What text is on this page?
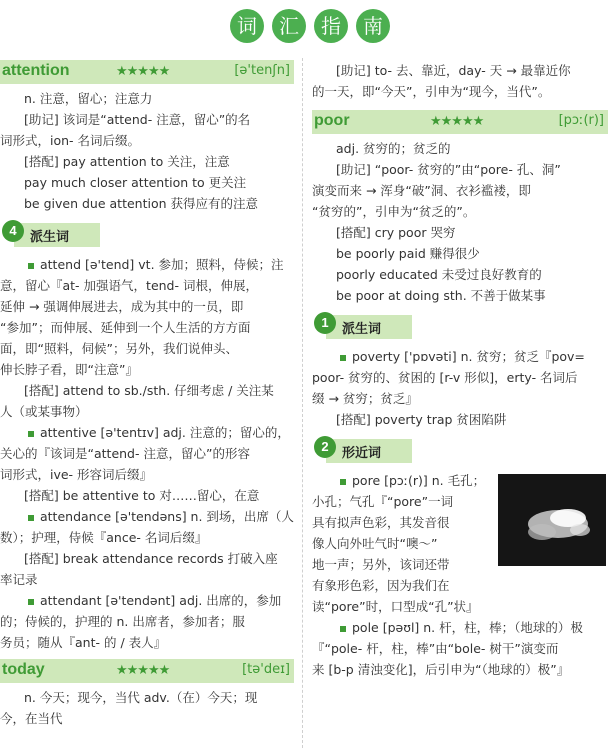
词	汇	指	南
attention	★★★★★	[ə'tenʃn]

n. 注意，留心；注意力

[助记] 该词是“attend- 注意，留心”的名

词形式，ion- 名词后缀。

[搭配] pay attention to 关注，注意

pay much closer attention to 更关注

be given due attention 获得应有的注意

4	派生词

attend [ə'tend] vt. 参加；照料，侍候；注

意，留心『at- 加强语气，tend- 词根，伸展，

延伸 → 强调伸展进去，成为其中的一员，即

“参加”；而伸展、延伸到一个人生活的方方面

面，即“照料，伺候”；另外，我们说伸头、

伸长脖子看，即“注意”』

[搭配] attend to sb./sth. 仔细考虑 / 关注某

人（或某事物）

attentive [ə'tentɪv] adj. 注意的；留心的，

关心的『该词是“attend- 注意，留心”的形容

词形式，ive- 形容词后缀』

[搭配] be attentive to 对……留心，在意

attendance [ə'tendəns] n. 到场，出席（人

数）；护理，侍候『ance- 名词后缀』

[搭配] break attendance records 打破入座

率记录

attendant [ə'tendənt] adj. 出席的，参加

的；侍候的，护理的 n. 出席者，参加者；服

务员；随从『ant- 的 / 表人』

today	★★★★★	[tə'deɪ]

n. 今天；现今，当代 adv.（在）今天；现

今，在当代

[助记] to- 去、靠近，day- 天 → 最靠近你

的一天，即“今天”，引申为“现今，当代”。

poor	★★★★★	[pɔː(r)]

adj. 贫穷的；贫乏的

[助记] “poor- 贫穷的”由“pore- 孔、洞”

演变而来 → 浑身“破”洞、衣衫褴褛，即

“贫穷的”，引申为“贫乏的”。

[搭配] cry poor 哭穷

be poorly paid 赚得很少

poorly educated 未受过良好教育的

be poor at doing sth. 不善于做某事

1	派生词

poverty ['pɒvəti] n. 贫穷；贫乏『pov=

poor- 贫穷的、贫困的 [r-v 形似]，erty- 名词后

缀 → 贫穷；贫乏』

[搭配] poverty trap 贫困陷阱

2	形近词

pore [pɔː(r)] n. 毛孔；

小孔；气孔『“pore”一词

具有拟声色彩，其发音很

像人向外吐气时“噢～”

地一声；另外，该词还带

有象形色彩，因为我们在

读“pore”时，口型成“孔”状』

pole [pəʊl] n. 杆，柱，棒；（地球的）极

『“pole- 杆，柱，棒”由“bole- 树干”演变而

来 [b-p 清浊变化]，后引申为“（地球的）极”』
